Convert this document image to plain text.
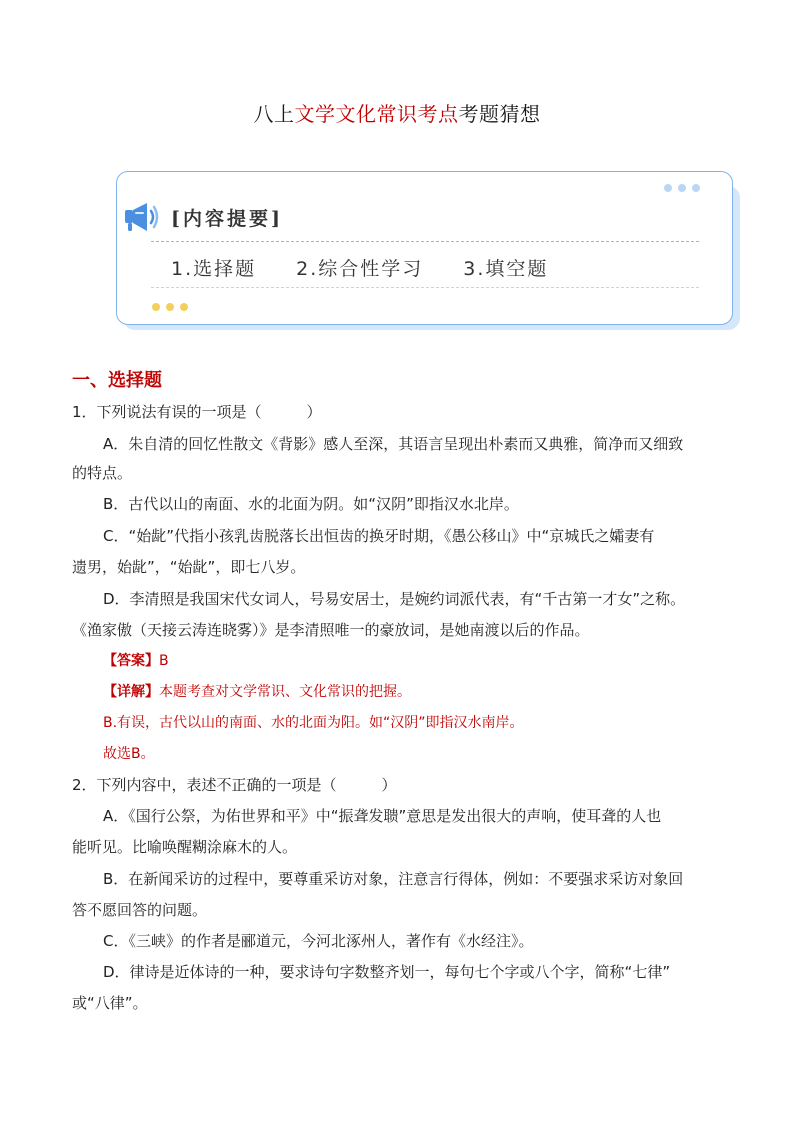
八上文学文化常识考点考题猜想
[内容提要]
1.选择题 2.综合性学习 3.填空题
一、选择题
1．下列说法有误的一项是（　　　）
A．朱自清的回忆性散文《背影》感人至深，其语言呈现出朴素而又典雅，简净而又细致
的特点。
B．古代以山的南面、水的北面为阴。如“汉阴”即指汉水北岸。
C．“始龀”代指小孩乳齿脱落长出恒齿的换牙时期，《愚公移山》中“京城氏之孀妻有
遗男，始龀”，“始龀”，即七八岁。
D．李清照是我国宋代女词人，号易安居士，是婉约词派代表，有“千古第一才女”之称。
《渔家傲（天接云涛连晓雾）》是李清照唯一的豪放词，是她南渡以后的作品。
【答案】B
【详解】本题考查对文学常识、文化常识的把握。
B.有误，古代以山的南面、水的北面为阳。如“汉阴”即指汉水南岸。
故选B。
2．下列内容中，表述不正确的一项是（　　　）
A．《国行公祭，为佑世界和平》中“振聋发聩”意思是发出很大的声响，使耳聋的人也
能听见。比喻唤醒糊涂麻木的人。
B．在新闻采访的过程中，要尊重采访对象，注意言行得体，例如：不要强求采访对象回
答不愿回答的问题。
C．《三峡》的作者是郦道元，今河北涿州人，著作有《水经注》。
D．律诗是近体诗的一种，要求诗句字数整齐划一，每句七个字或八个字，简称“七律”
或“八律”。
